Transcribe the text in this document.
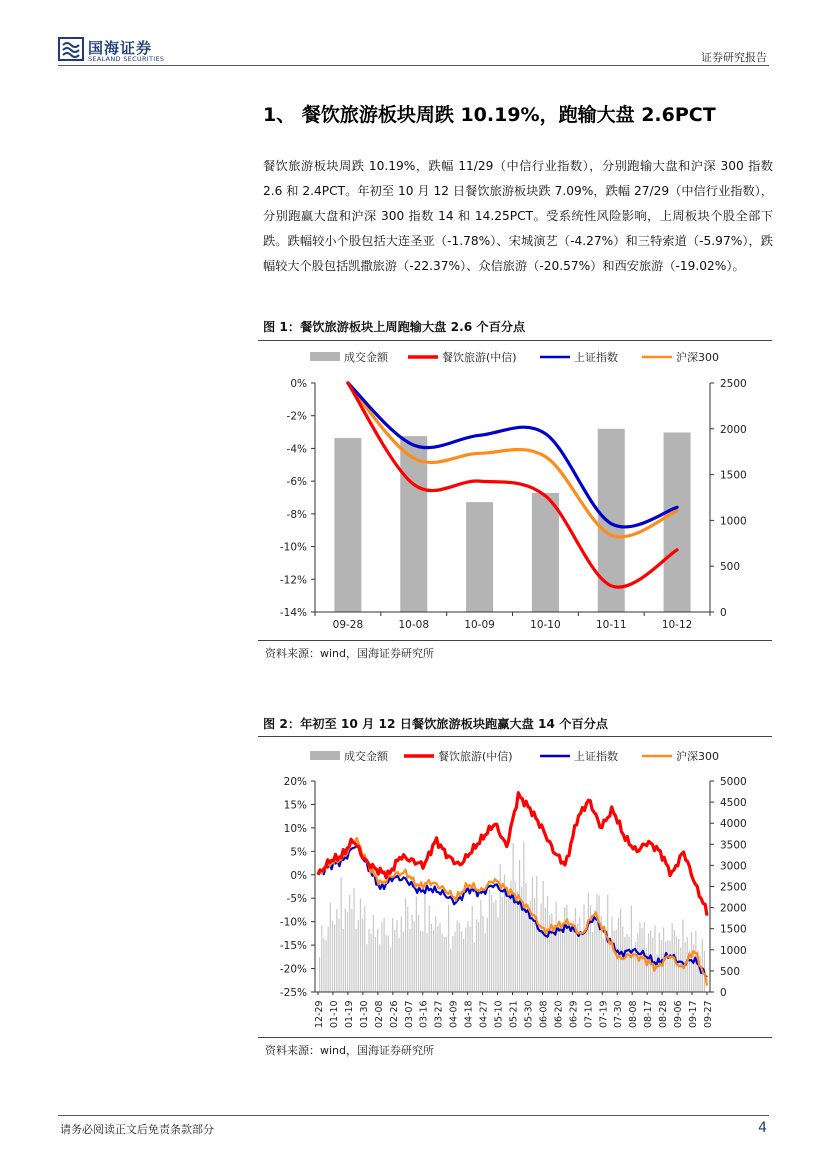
国海证券
SEALAND SECURITIES	证券研究报告
1、 餐饮旅游板块周跌 10.19%，跑输大盘 2.6PCT
餐饮旅游板块周跌 10.19%，跌幅 11/29（中信行业指数），分别跑输大盘和沪深 300 指数 2.6 和 2.4PCT。年初至 10 月 12 日餐饮旅游板块跌 7.09%，跌幅 27/29（中信行业指数），分别跑赢大盘和沪深 300 指数 14 和 14.25PCT。受系统性风险影响，上周板块个股全部下跌。跌幅较小个股包括大连圣亚（-1.78%）、宋城演艺（-4.27%）和三特索道（-5.97%），跌幅较大个股包括凯撒旅游（-22.37%）、众信旅游（-20.57%）和西安旅游（-19.02%）。
图 1：餐饮旅游板块上周跑输大盘 2.6 个百分点
成交金额	餐饮旅游(中信)	上证指数	沪深300
0%
-2%
-4%
-6%
-8%
-10%
-12%
-14%
2500
2000
1500
1000
500
0
09-28	10-08	10-09	10-10	10-11	10-12
资料来源：wind，国海证券研究所
图 2：年初至 10 月 12 日餐饮旅游板块跑赢大盘 14 个百分点
成交金额	餐饮旅游(中信)	上证指数	沪深300
20%
15%
10%
5%
0%
-5%
-10%
-15%
-20%
-25%
5000
4500
4000
3500
3000
2500
2000
1500
1000
500
0
12-29 01-10 01-19 01-30 02-08 02-26 03-07 03-16 03-27 04-09 04-18 04-27 05-10 05-21 05-30 06-08 06-20 06-29 07-10 07-19 07-30 08-08 08-17 08-28 09-06 09-17 09-27
资料来源：wind，国海证券研究所
请务必阅读正文后免责条款部分	4
